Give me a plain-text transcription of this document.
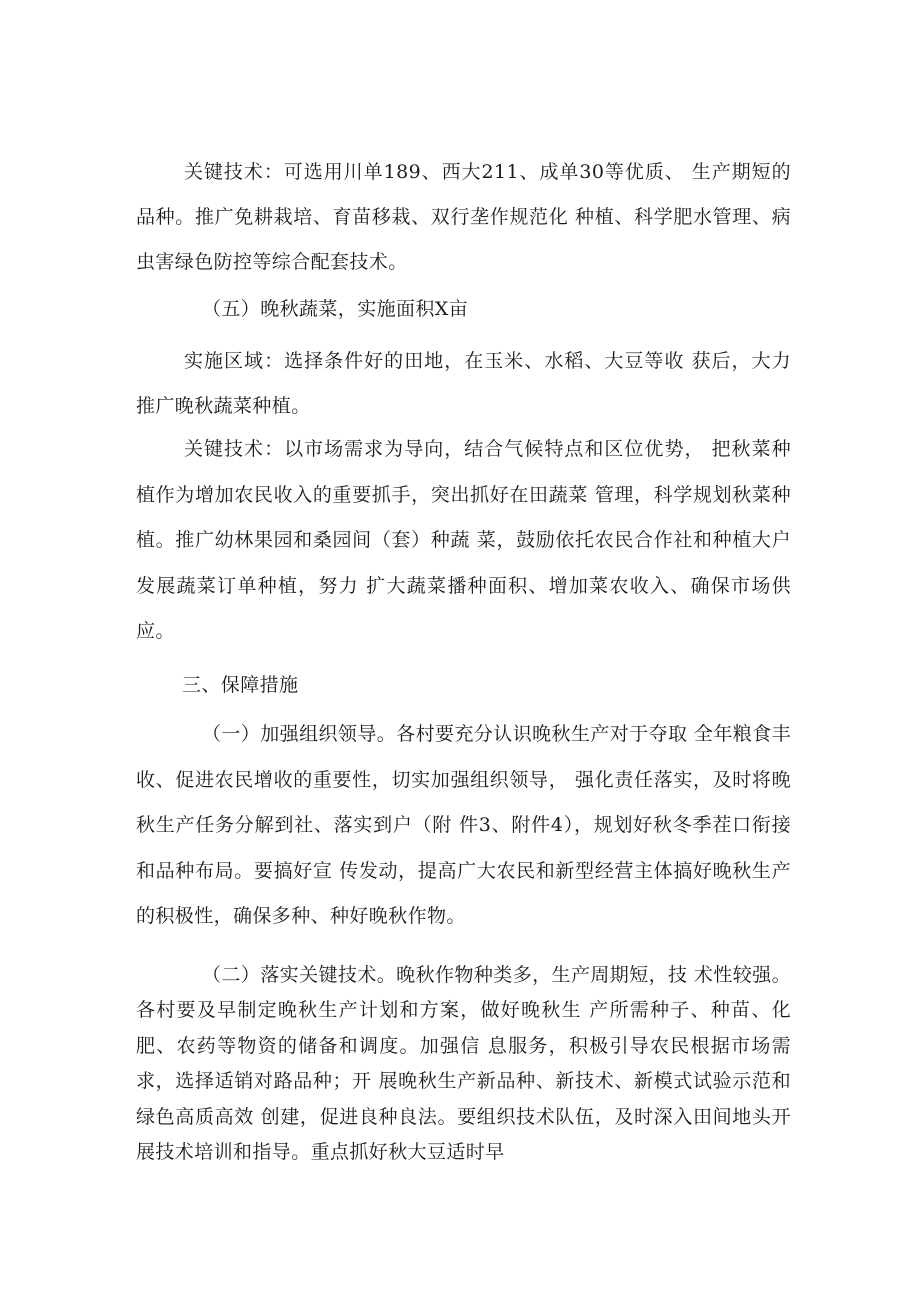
关键技术：可选用川单189、西大211、成单30等优质、 生产期短的品种。推广免耕栽培、育苗移栽、双行垄作规范化 种植、科学肥水管理、病虫害绿色防控等综合配套技术。

（五）晚秋蔬菜，实施面积X亩

实施区域：选择条件好的田地，在玉米、水稻、大豆等收 获后，大力推广晚秋蔬菜种植。

关键技术：以市场需求为导向，结合气候特点和区位优势， 把秋菜种植作为增加农民收入的重要抓手，突出抓好在田蔬菜 管理，科学规划秋菜种植。推广幼林果园和桑园间（套）种蔬 菜，鼓励依托农民合作社和种植大户发展蔬菜订单种植，努力 扩大蔬菜播种面积、增加菜农收入、确保市场供应。

三、保障措施

（一）加强组织领导。各村要充分认识晚秋生产对于夺取 全年粮食丰收、促进农民增收的重要性，切实加强组织领导， 强化责任落实，及时将晚秋生产任务分解到社、落实到户（附 件3、附件4），规划好秋冬季茬口衔接和品种布局。要搞好宣 传发动，提高广大农民和新型经营主体搞好晚秋生产的积极性，确保多种、种好晚秋作物。

（二）落实关键技术。晚秋作物种类多，生产周期短，技 术性较强。各村要及早制定晚秋生产计划和方案，做好晚秋生 产所需种子、种苗、化肥、农药等物资的储备和调度。加强信 息服务，积极引导农民根据市场需求，选择适销对路品种；开 展晚秋生产新品种、新技术、新模式试验示范和绿色高质高效 创建，促进良种良法。要组织技术队伍，及时深入田间地头开 展技术培训和指导。重点抓好秋大豆适时早
